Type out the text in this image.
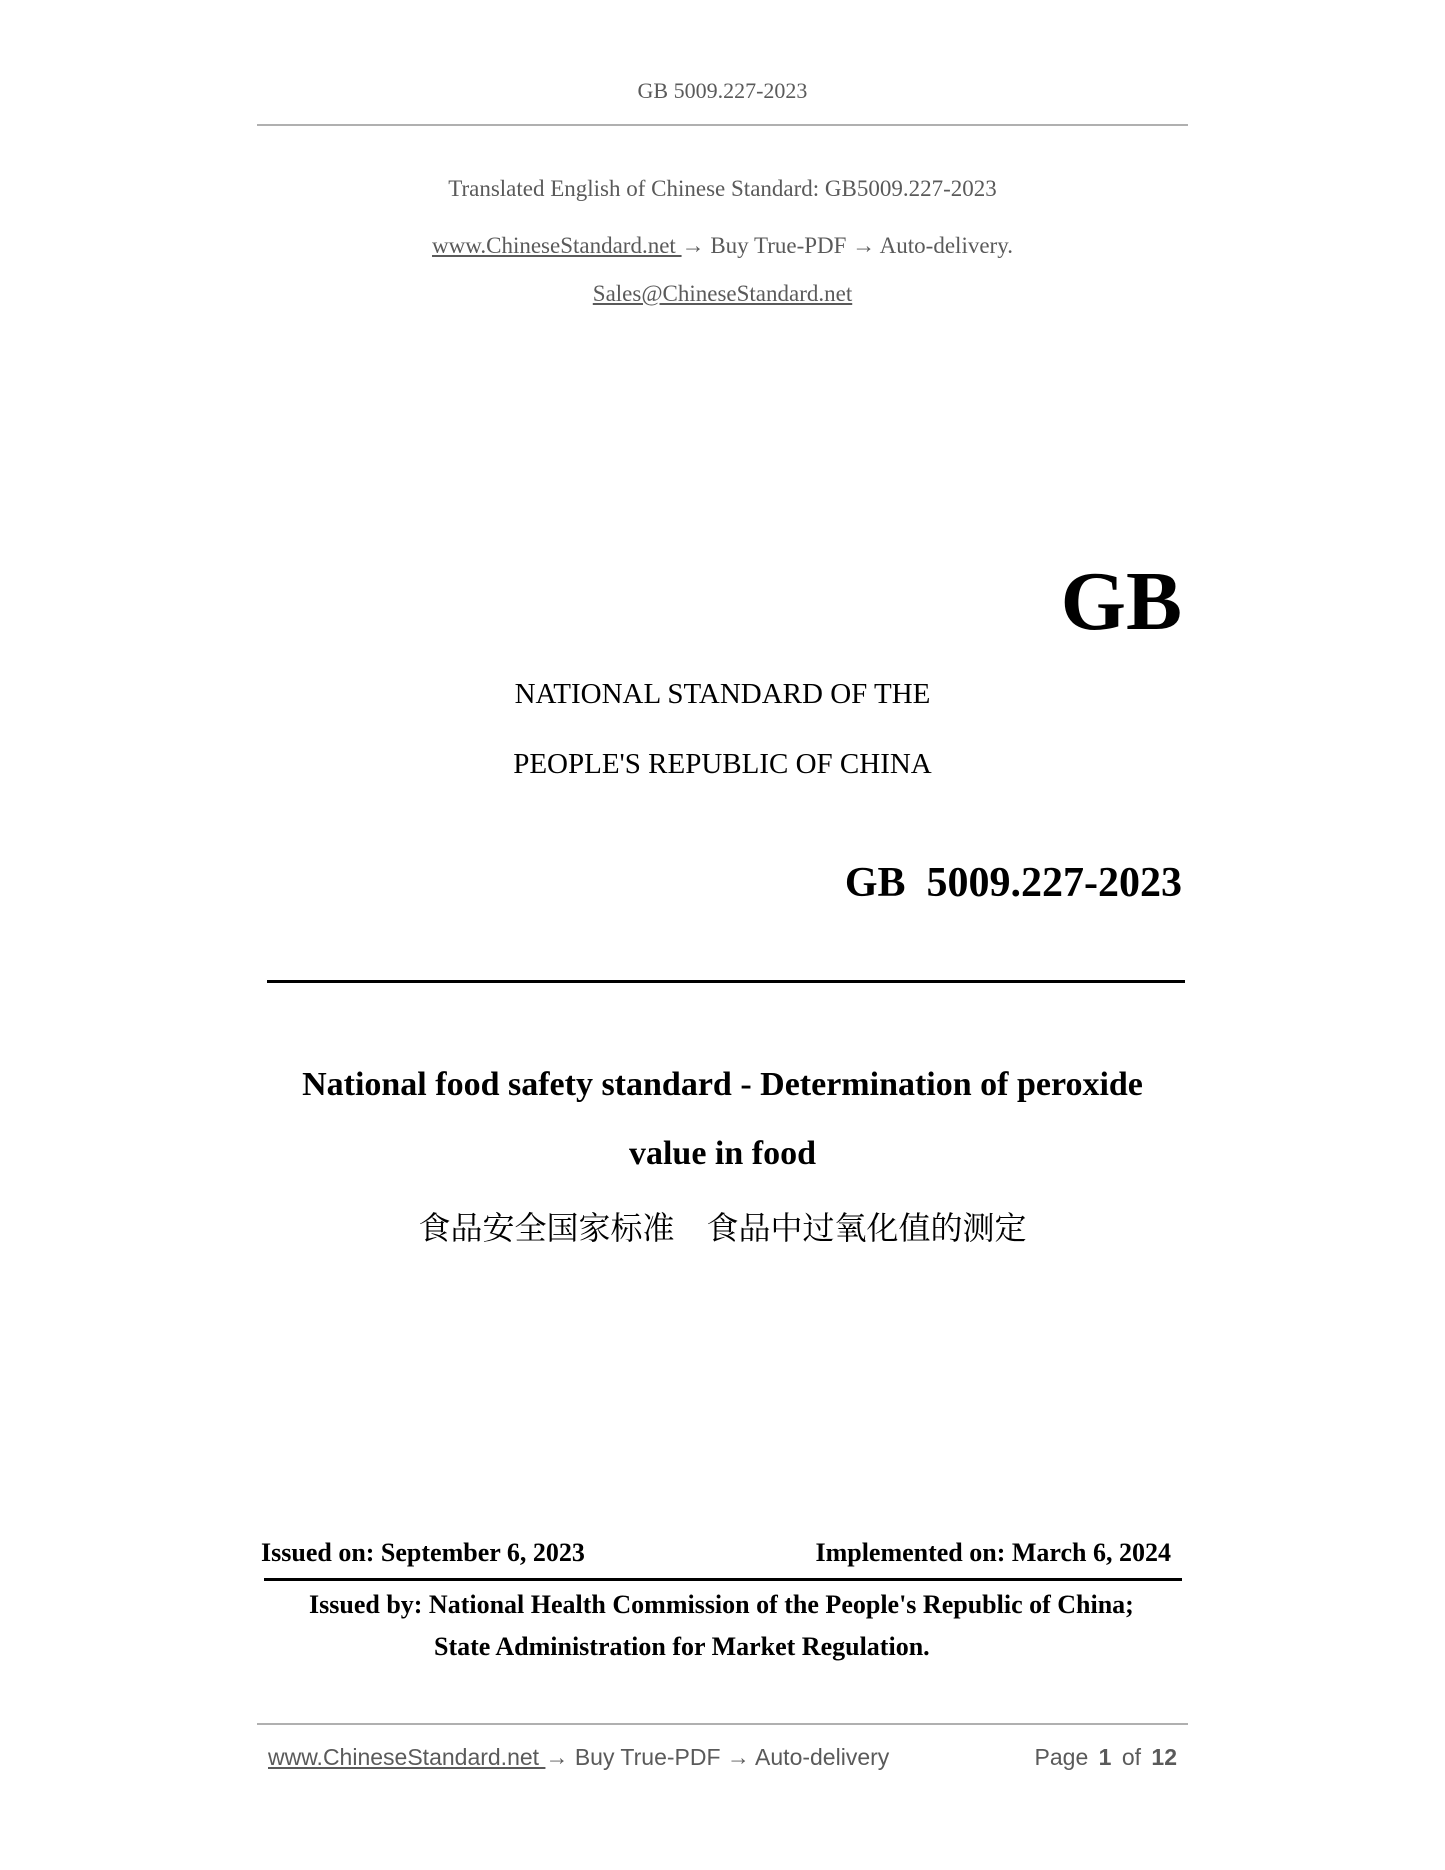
GB 5009.227-2023
Translated English of Chinese Standard: GB5009.227-2023
www.ChineseStandard.net → Buy True-PDF → Auto-delivery.
Sales@ChineseStandard.net
GB
NATIONAL STANDARD OF THE
PEOPLE'S REPUBLIC OF CHINA
GB  5009.227-2023
National food safety standard - Determination of peroxide
value in food
食品安全国家标准　食品中过氧化值的测定
Issued on: September 6, 2023	Implemented on: March 6, 2024
Issued by: National Health Commission of the People's Republic of China;
State Administration for Market Regulation.
www.ChineseStandard.net → Buy True-PDF → Auto-delivery	Page 1 of 12
